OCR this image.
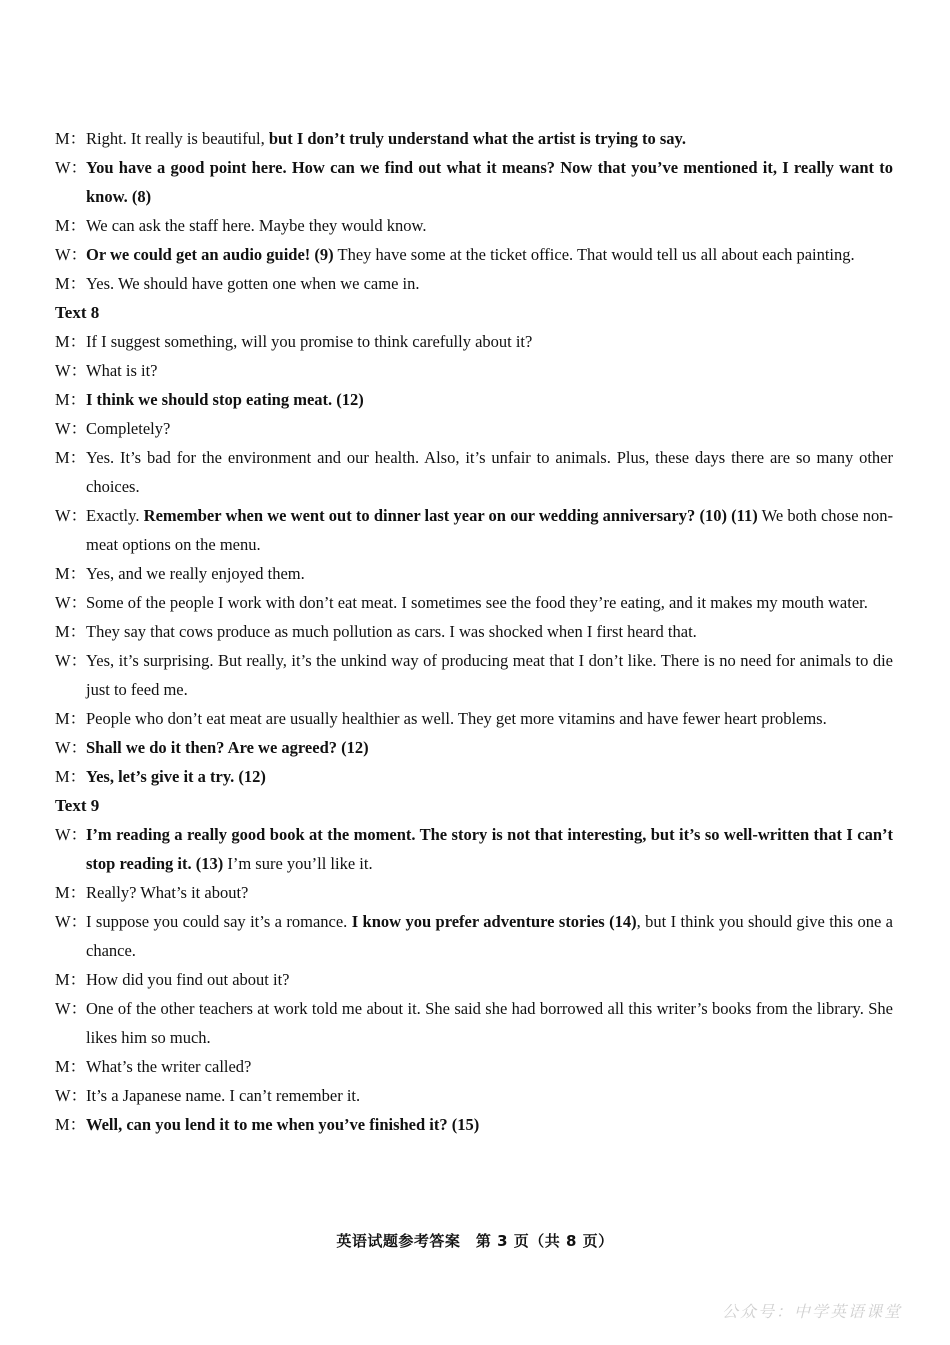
M： Right. It really is beautiful, but I don’t truly understand what the artist is trying to say.
W：
You have a good point here. How can we find out what it means? Now that you’ve mentioned it, I really want to know. (8)
M： We can ask the staff here. Maybe they would know.
W：
Or we could get an audio guide! (9) They have some at the ticket office. That would tell us all about each painting.
M： Yes. We should have gotten one when we came in.
Text 8
M： If I suggest something, will you promise to think carefully about it?
W：
What is it?
M： I think we should stop eating meat. (12)
W：
Completely?
M： Yes. It’s bad for the environment and our health. Also, it’s unfair to animals. Plus, these days there are so many other choices.
W：
Exactly. Remember when we went out to dinner last year on our wedding anniversary? (10) (11) We both chose non-meat options on the menu.
M： Yes, and we really enjoyed them.
W：
Some of the people I work with don’t eat meat. I sometimes see the food they’re eating, and it makes my mouth water.
M： They say that cows produce as much pollution as cars. I was shocked when I first heard that.
W：
Yes, it’s surprising. But really, it’s the unkind way of producing meat that I don’t like. There is no need for animals to die just to feed me.
M： People who don’t eat meat are usually healthier as well. They get more vitamins and have fewer heart problems.
W：
Shall we do it then? Are we agreed? (12)
M： Yes, let’s give it a try. (12)
Text 9
W：
I’m reading a really good book at the moment. The story is not that interesting, but it’s so well-written that I can’t stop reading it. (13) I’m sure you’ll like it.
M： Really? What’s it about?
W：
I suppose you could say it’s a romance. I know you prefer adventure stories (14), but I think you should give this one a chance.
M： How did you find out about it?
W：
One of the other teachers at work told me about it. She said she had borrowed all this writer’s books from the library. She likes him so much.
M： What’s the writer called?
W：
It’s a Japanese name. I can’t remember it.
M： Well, can you lend it to me when you’ve finished it? (15)
英语试题参考答案　第 3 页（共 8 页）
公众号：中学英语课堂
